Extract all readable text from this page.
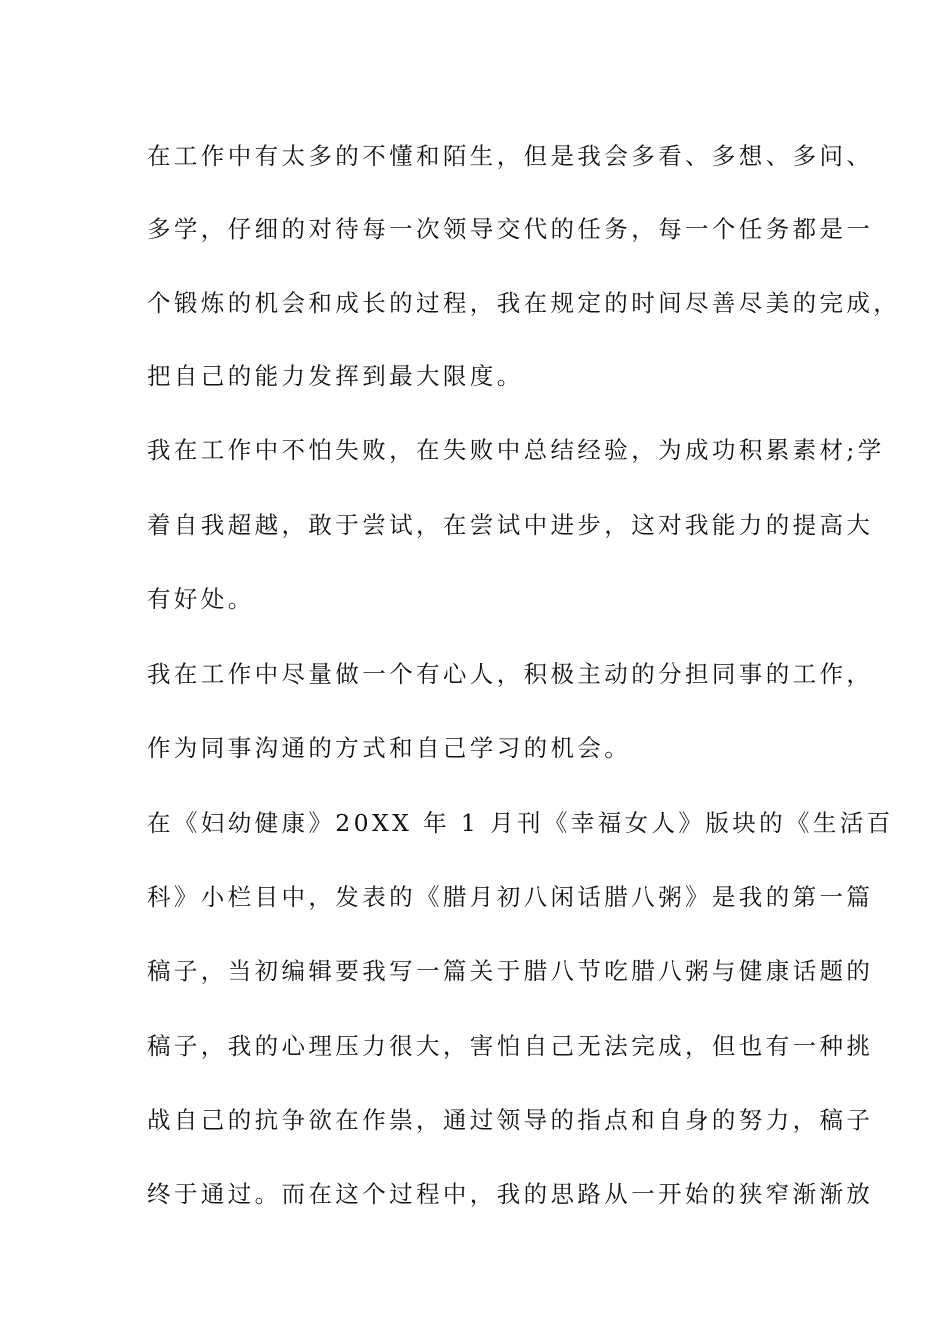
在工作中有太多的不懂和陌生，但是我会多看、多想、多问、
多学，仔细的对待每一次领导交代的任务，每一个任务都是一
个锻炼的机会和成长的过程，我在规定的时间尽善尽美的完成，
把自己的能力发挥到最大限度。
我在工作中不怕失败，在失败中总结经验，为成功积累素材;学
着自我超越，敢于尝试，在尝试中进步，这对我能力的提高大
有好处。
我在工作中尽量做一个有心人，积极主动的分担同事的工作，
作为同事沟通的方式和自己学习的机会。
在《妇幼健康》20XX 年 1 月刊《幸福女人》版块的《生活百
科》小栏目中，发表的《腊月初八闲话腊八粥》是我的第一篇
稿子，当初编辑要我写一篇关于腊八节吃腊八粥与健康话题的
稿子，我的心理压力很大，害怕自己无法完成，但也有一种挑
战自己的抗争欲在作祟，通过领导的指点和自身的努力，稿子
终于通过。而在这个过程中，我的思路从一开始的狭窄渐渐放
